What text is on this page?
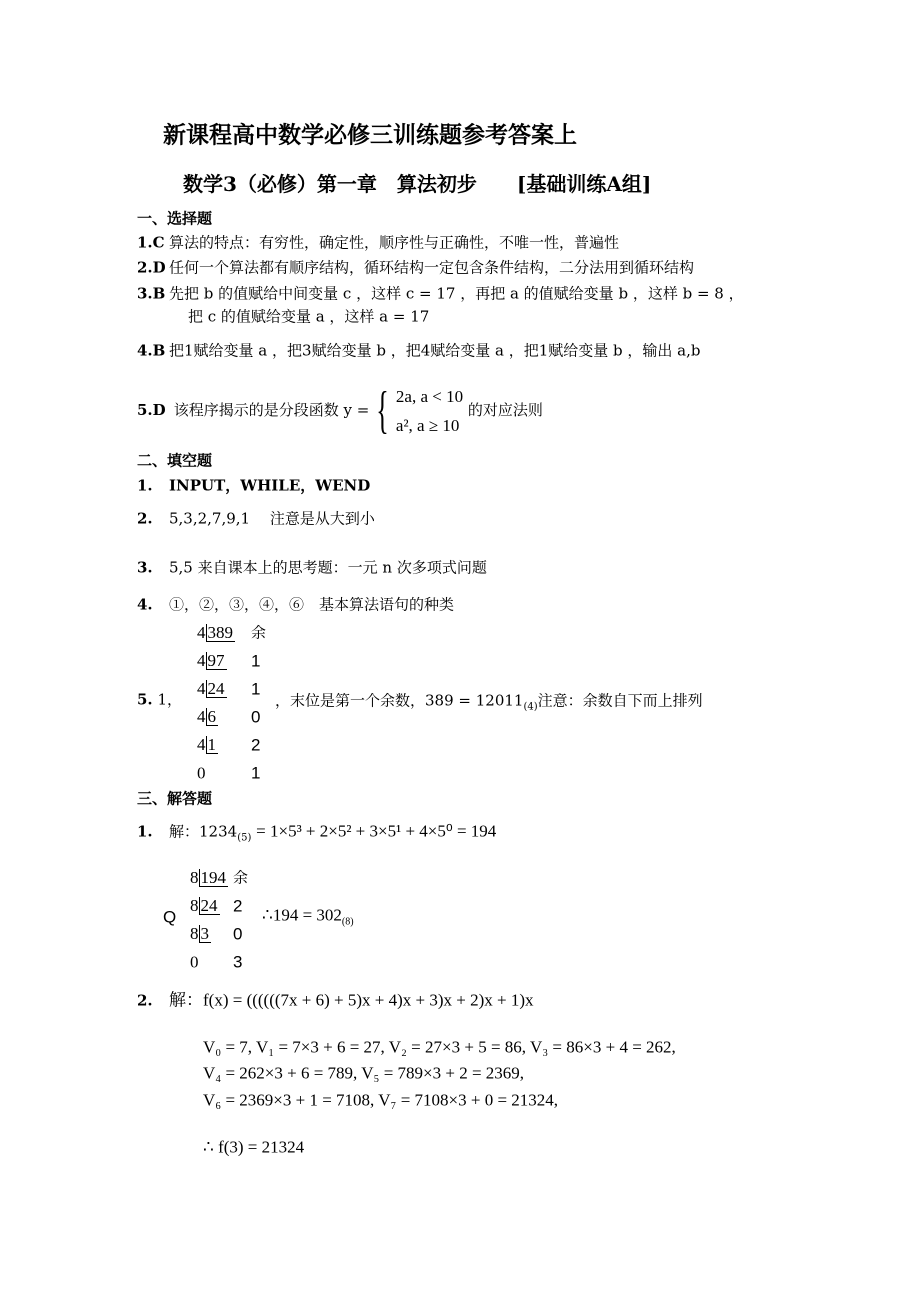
新课程高中数学必修三训练题参考答案上
数学3（必修）第一章　算法初步　　[基础训练A组]
一、选择题
1.C 算法的特点：有穷性，确定性，顺序性与正确性，不唯一性，普遍性
2.D 任何一个算法都有顺序结构，循环结构一定包含条件结构，二分法用到循环结构
3.B 先把 b 的值赋给中间变量 c ，这样 c = 17 ，再把 a 的值赋给变量 b ，这样 b = 8 ，
把 c 的值赋给变量 a ，这样 a = 17
4.B 把1赋给变量 a ，把3赋给变量 b ，把4赋给变量 a ，把1赋给变量 b ，输出 a,b
5.D 该程序揭示的是分段函数 y = { 2a, a < 10
a², a ≥ 10 的对应法则
二、填空题
1. INPUT，WHILE，WEND
2. 5,3,2,7,9,1　 注意是从大到小
3. 5,5 来自课本上的思考题：一元 n 次多项式问题
4. ①，②，③，④，⑥　基本算法语句的种类
5. 1，	，末位是第一个余数，$389 = 12011_{(4)}$注意：余数自下而上排列
三、解答题
1. 解：$1234_{(5)} = 1\times 5^3 + 2\times 5^2 + 3\times 5^1 + 4\times 5^0 = 194$
Q	∴194 = $302_{(8)}$
2. 解：f(x) = ((((((7x + 6) + 5)x + 4)x + 3)x + 2)x + 1)x
V₀ = 7, V₁ = 7×3 + 6 = 27, V₂ = 27×3 + 5 = 86, V₃ = 86×3 + 4 = 262,
V₄ = 262×3 + 6 = 789, V₅ = 789×3 + 2 = 2369,
V₆ = 2369×3 + 1 = 7108, V₇ = 7108×3 + 0 = 21324,
∴ f(3) = 21324
4 389 余
4 97 1
4 24 1
4 6 0
4 1 2
0	1
8 194 余
8 24 2
8 3 0
0 3
